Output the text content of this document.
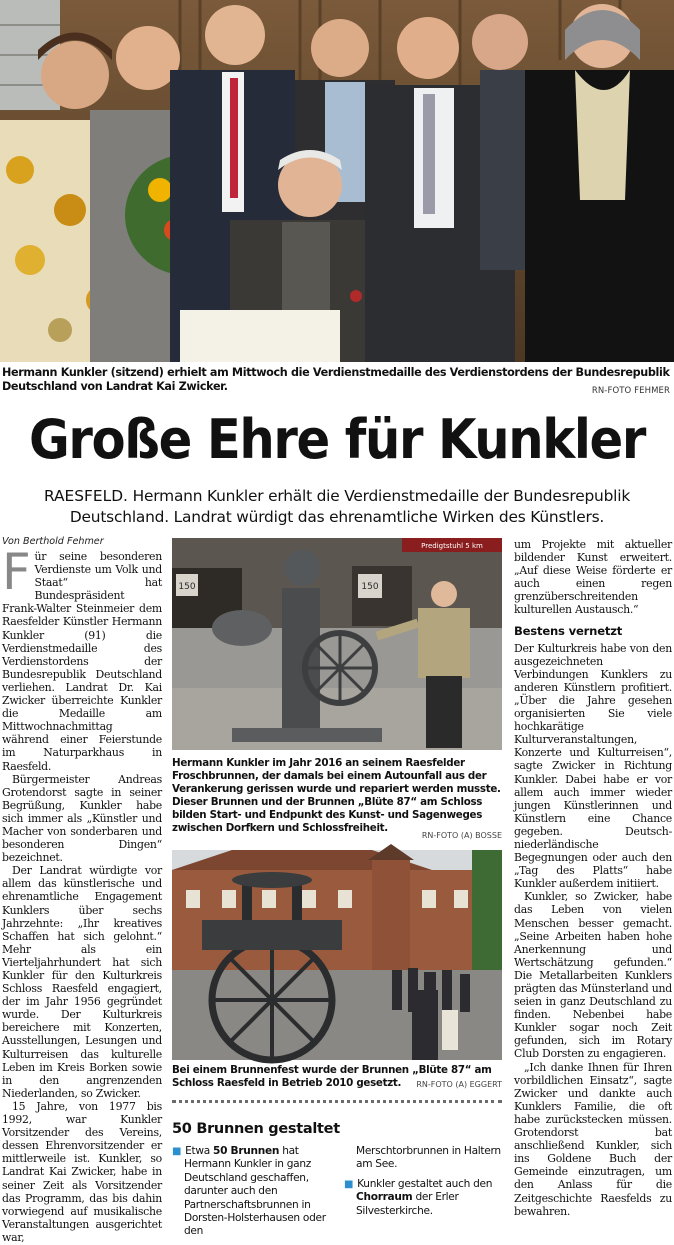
Hermann Kunkler (sitzend) erhielt am Mittwoch die Verdienstmedaille des Verdienstordens der Bundesrepublik Deutschland von Landrat Kai Zwicker.	RN-FOTO FEHMER
Große Ehre für Kunkler
RAESFELD. Hermann Kunkler erhält die Verdienstmedaille der Bundesrepublik Deutschland. Landrat würdigt das ehrenamtliche Wirken des Künstlers.
Von Berthold Fehmer

Für seine besonderen Verdienste um Volk und Staat“ hat Bundespräsident Frank-Walter Steinmeier dem Raesfelder Künstler Hermann Kunkler (91) die Verdienstmedaille des Verdienstordens der Bundesrepublik Deutschland verliehen. Landrat Dr. Kai Zwicker überreichte Kunkler die Medaille am Mittwochnachmittag während einer Feierstunde im Naturparkhaus in Raesfeld.

Bürgermeister Andreas Grotendorst sagte in seiner Begrüßung, Kunkler habe sich immer als „Künstler und Macher von sonderbaren und besonderen Dingen“ bezeichnet.

Der Landrat würdigte vor allem das künstlerische und ehrenamtliche Engagement Kunklers über sechs Jahrzehnte: „Ihr kreatives Schaffen hat sich gelohnt.“ Mehr als ein Vierteljahrhundert hat sich Kunkler für den Kulturkreis Schloss Raesfeld engagiert, der im Jahr 1956 gegründet wurde. Der Kulturkreis bereichere mit Konzerten, Ausstellungen, Lesungen und Kulturreisen das kulturelle Leben im Kreis Borken sowie in den angrenzenden Niederlanden, so Zwicker.

15 Jahre, von 1977 bis 1992, war Kunkler Vorsitzender des Vereins, dessen Ehrenvorsitzender er mittlerweile ist. Kunkler, so Landrat Kai Zwicker, habe in seiner Zeit als Vorsitzender das Programm, das bis dahin vorwiegend auf musikalische Veranstaltungen ausgerichtet war,

150	150
Predigtstuhl 5 km
Hermann Kunkler im Jahr 2016 an seinem Raesfelder Froschbrunnen, der damals bei einem Autounfall aus der Verankerung gerissen wurde und repariert werden musste. Dieser Brunnen und der Brunnen „Blüte 87“ am Schloss bilden Start- und Endpunkt des Kunst- und Sagenweges zwischen Dorfkern und Schlossfreiheit.
RN-FOTO (A) BOSSE
Bei einem Brunnenfest wurde der Brunnen „Blüte 87“ am Schloss Raesfeld in Betrieb 2010 gesetzt.	RN-FOTO (A) EGGERT
50 Brunnen gestaltet
■ Etwa 50 Brunnen hat Hermann Kunkler in ganz Deutschland geschaffen, darunter auch den Partnerschaftsbrunnen in Dorsten-Holsterhausen oder den
Merschtorbrunnen in Haltern am See.
■ Kunkler gestaltet auch den Chorraum der Erler Silvesterkirche.

um Projekte mit aktueller bildender Kunst erweitert. „Auf diese Weise förderte er auch einen regen grenzüberschreitenden kulturellen Austausch.“

Bestens vernetzt

Der Kulturkreis habe von den ausgezeichneten Verbindungen Kunklers zu anderen Künstlern profitiert. „Über die Jahre gesehen organisierten Sie viele hochkarätige Kulturveranstaltungen, Konzerte und Kulturreisen“, sagte Zwicker in Richtung Kunkler. Dabei habe er vor allem auch immer wieder jungen Künstlerinnen und Künstlern eine Chance gegeben. Deutsch-niederländische Begegnungen oder auch den „Tag des Platts“ habe Kunkler außerdem initiiert.

Kunkler, so Zwicker, habe das Leben von vielen Menschen besser gemacht. „Seine Arbeiten haben hohe Anerkennung und Wertschätzung gefunden.“ Die Metallarbeiten Kunklers prägten das Münsterland und seien in ganz Deutschland zu finden. Nebenbei habe Kunkler sogar noch Zeit gefunden, sich im Rotary Club Dorsten zu engagieren.

„Ich danke Ihnen für Ihren vorbildlichen Einsatz“, sagte Zwicker und dankte auch Kunklers Familie, die oft habe zurückstecken müssen. Grotendorst bat anschließend Kunkler, sich ins Goldene Buch der Gemeinde einzutragen, um den Anlass für die Zeitgeschichte Raesfelds zu bewahren.
